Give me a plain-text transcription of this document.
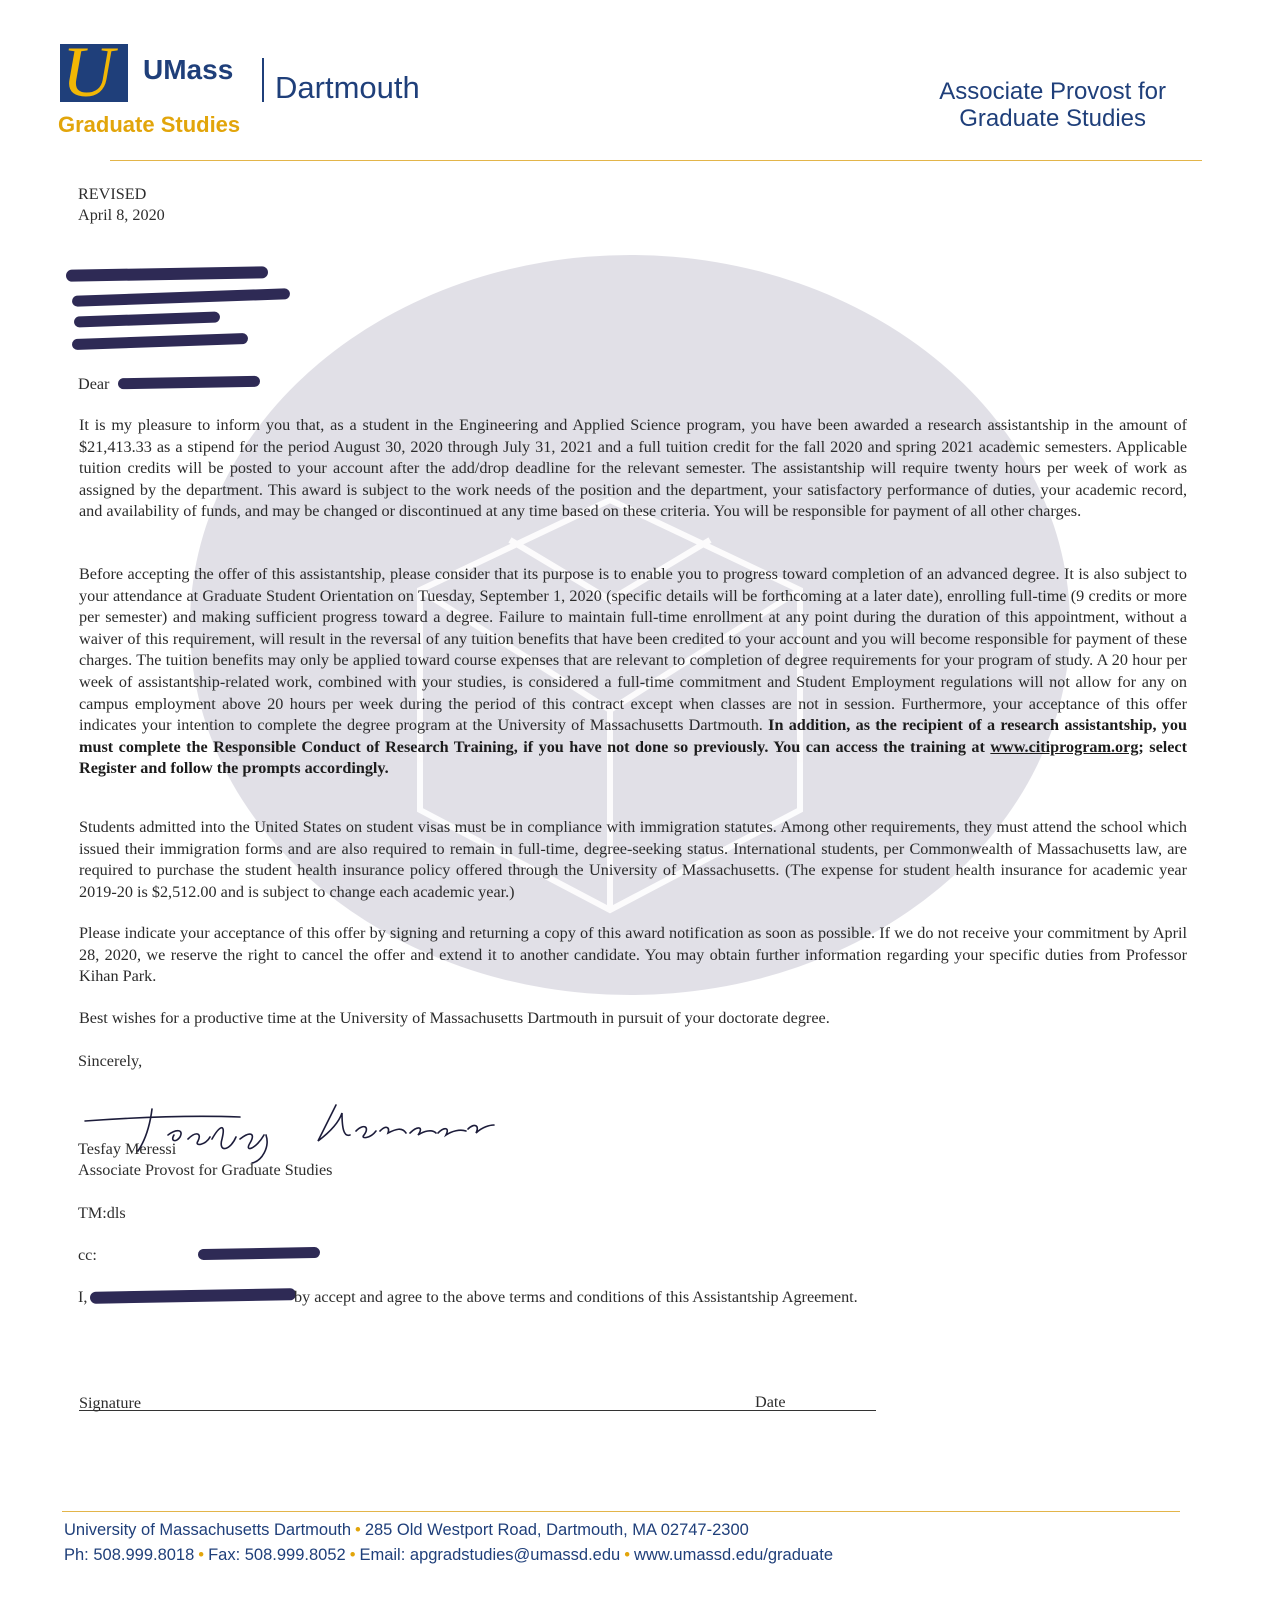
U UMass
Dartmouth
Graduate Studies
Associate Provost for
Graduate Studies
REVISED
April 8, 2020
Dear
It is my pleasure to inform you that, as a student in the Engineering and Applied Science program, you have been awarded a research assistantship in the amount of $21,413.33 as a stipend for the period August 30, 2020 through July 31, 2021 and a full tuition credit for the fall 2020 and spring 2021 academic semesters. Applicable tuition credits will be posted to your account after the add/drop deadline for the relevant semester. The assistantship will require twenty hours per week of work as assigned by the department. This award is subject to the work needs of the position and the department, your satisfactory performance of duties, your academic record, and availability of funds, and may be changed or discontinued at any time based on these criteria. You will be responsible for payment of all other charges.
Before accepting the offer of this assistantship, please consider that its purpose is to enable you to progress toward completion of an advanced degree. It is also subject to your attendance at Graduate Student Orientation on Tuesday, September 1, 2020 (specific details will be forthcoming at a later date), enrolling full-time (9 credits or more per semester) and making sufficient progress toward a degree. Failure to maintain full-time enrollment at any point during the duration of this appointment, without a waiver of this requirement, will result in the reversal of any tuition benefits that have been credited to your account and you will become responsible for payment of these charges. The tuition benefits may only be applied toward course expenses that are relevant to completion of degree requirements for your program of study. A 20 hour per week of assistantship-related work, combined with your studies, is considered a full-time commitment and Student Employment regulations will not allow for any on campus employment above 20 hours per week during the period of this contract except when classes are not in session. Furthermore, your acceptance of this offer indicates your intention to complete the degree program at the University of Massachusetts Dartmouth. In addition, as the recipient of a research assistantship, you must complete the Responsible Conduct of Research Training, if you have not done so previously. You can access the training at www.citiprogram.org; select Register and follow the prompts accordingly.
Students admitted into the United States on student visas must be in compliance with immigration statutes. Among other requirements, they must attend the school which issued their immigration forms and are also required to remain in full-time, degree-seeking status. International students, per Commonwealth of Massachusetts law, are required to purchase the student health insurance policy offered through the University of Massachusetts. (The expense for student health insurance for academic year 2019-20 is $2,512.00 and is subject to change each academic year.)
Please indicate your acceptance of this offer by signing and returning a copy of this award notification as soon as possible. If we do not receive your commitment by April 28, 2020, we reserve the right to cancel the offer and extend it to another candidate. You may obtain further information regarding your specific duties from Professor Kihan Park.
Best wishes for a productive time at the University of Massachusetts Dartmouth in pursuit of your doctorate degree.
Sincerely,
Tesfay Meressi
Associate Provost for Graduate Studies
TM:dls
cc:
I,	by accept and agree to the above terms and conditions of this Assistantship Agreement.
Signature	Date
University of Massachusetts Dartmouth • 285 Old Westport Road, Dartmouth, MA 02747-2300
Ph: 508.999.8018 • Fax: 508.999.8052 • Email: apgradstudies@umassd.edu • www.umassd.edu/graduate
